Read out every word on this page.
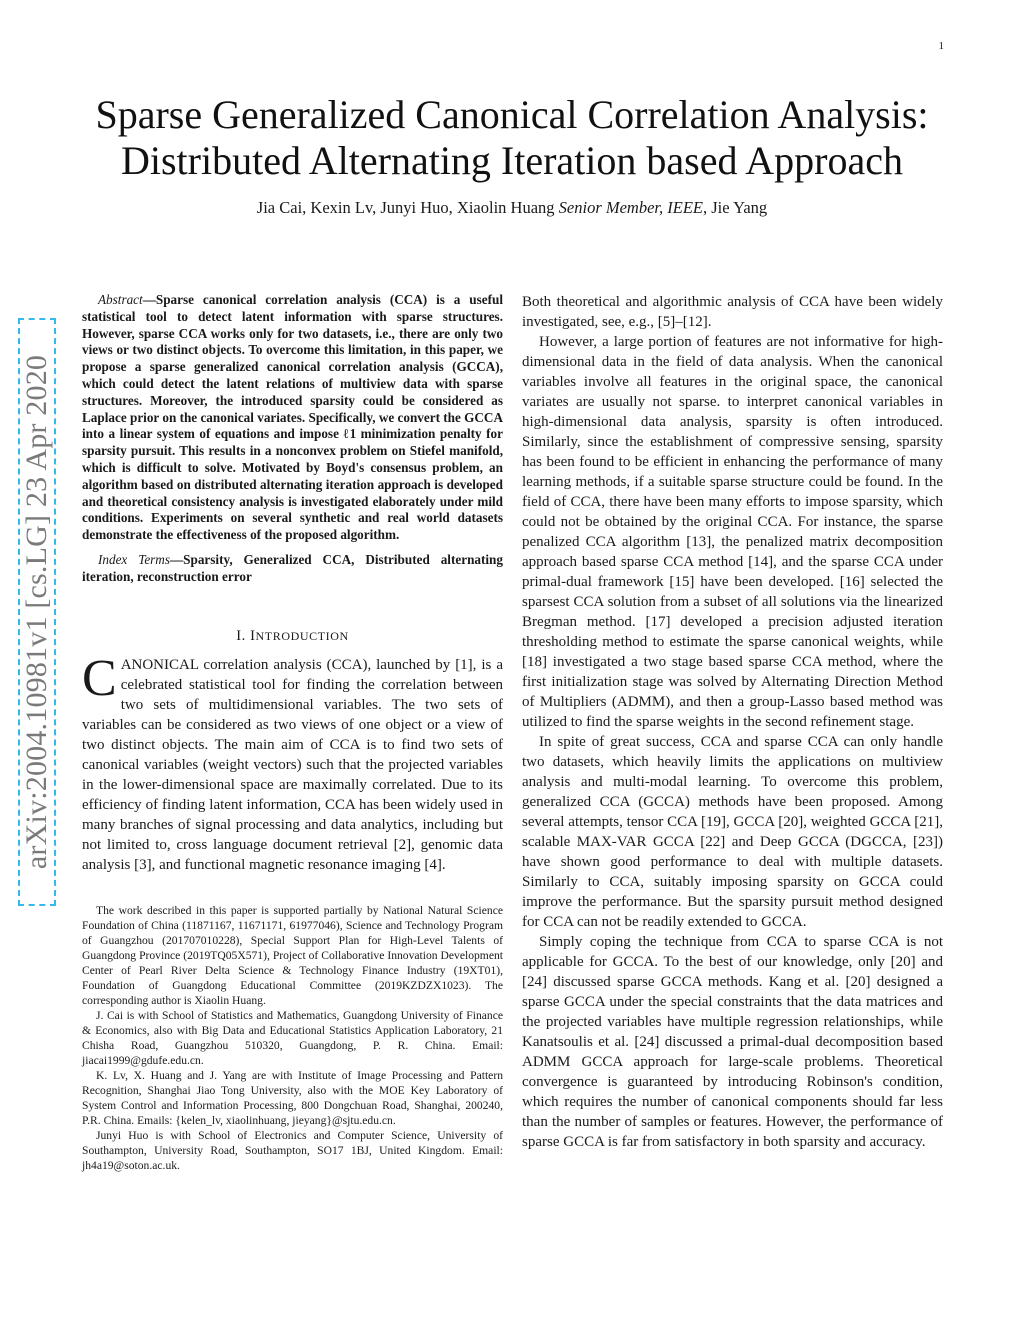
1
arXiv:2004.10981v1 [cs.LG] 23 Apr 2020
Sparse Generalized Canonical Correlation Analysis:
Distributed Alternating Iteration based Approach
Jia Cai, Kexin Lv, Junyi Huo, Xiaolin Huang Senior Member, IEEE, Jie Yang

Abstract—Sparse canonical correlation analysis (CCA) is a useful statistical tool to detect latent information with sparse structures. However, sparse CCA works only for two datasets, i.e., there are only two views or two distinct objects. To overcome this limitation, in this paper, we propose a sparse generalized canonical correlation analysis (GCCA), which could detect the latent relations of multiview data with sparse structures. Moreover, the introduced sparsity could be considered as Laplace prior on the canonical variates. Specifically, we convert the GCCA into a linear system of equations and impose ℓ1 minimization penalty for sparsity pursuit. This results in a nonconvex problem on Stiefel manifold, which is difficult to solve. Motivated by Boyd's consensus problem, an algorithm based on distributed alternating iteration approach is developed and theoretical consistency analysis is investigated elaborately under mild conditions. Experiments on several synthetic and real world datasets demonstrate the effectiveness of the proposed algorithm.

Index Terms—Sparsity, Generalized CCA, Distributed alternating iteration, reconstruction error

I. INTRODUCTION

CANONICAL correlation analysis (CCA), launched by [1], is a celebrated statistical tool for finding the correlation between two sets of multidimensional variables. The two sets of variables can be considered as two views of one object or a view of two distinct objects. The main aim of CCA is to find two sets of canonical variables (weight vectors) such that the projected variables in the lower-dimensional space are maximally correlated. Due to its efficiency of finding latent information, CCA has been widely used in many branches of signal processing and data analytics, including but not limited to, cross language document retrieval [2], genomic data analysis [3], and functional magnetic resonance imaging [4].

The work described in this paper is supported partially by National Natural Science Foundation of China (11871167, 11671171, 61977046), Science and Technology Program of Guangzhou (201707010228), Special Support Plan for High-Level Talents of Guangdong Province (2019TQ05X571), Project of Collaborative Innovation Development Center of Pearl River Delta Science & Technology Finance Industry (19XT01), Foundation of Guangdong Educational Committee (2019KZDZX1023). The corresponding author is Xiaolin Huang.

J. Cai is with School of Statistics and Mathematics, Guangdong University of Finance & Economics, also with Big Data and Educational Statistics Application Laboratory, 21 Chisha Road, Guangzhou 510320, Guangdong, P. R. China. Email: jiacai1999@gdufe.edu.cn.

K. Lv, X. Huang and J. Yang are with Institute of Image Processing and Pattern Recognition, Shanghai Jiao Tong University, also with the MOE Key Laboratory of System Control and Information Processing, 800 Dongchuan Road, Shanghai, 200240, P.R. China. Emails: {kelen_lv, xiaolinhuang, jieyang}@sjtu.edu.cn.

Junyi Huo is with School of Electronics and Computer Science, University of Southampton, University Road, Southampton, SO17 1BJ, United Kingdom. Email: jh4a19@soton.ac.uk.

Both theoretical and algorithmic analysis of CCA have been widely investigated, see, e.g., [5]–[12].

However, a large portion of features are not informative for high-dimensional data in the field of data analysis. When the canonical variables involve all features in the original space, the canonical variates are usually not sparse. to interpret canonical variables in high-dimensional data analysis, sparsity is often introduced. Similarly, since the establishment of compressive sensing, sparsity has been found to be efficient in enhancing the performance of many learning methods, if a suitable sparse structure could be found. In the field of CCA, there have been many efforts to impose sparsity, which could not be obtained by the original CCA. For instance, the sparse penalized CCA algorithm [13], the penalized matrix decomposition approach based sparse CCA method [14], and the sparse CCA under primal-dual framework [15] have been developed. [16] selected the sparsest CCA solution from a subset of all solutions via the linearized Bregman method. [17] developed a precision adjusted iteration thresholding method to estimate the sparse canonical weights, while [18] investigated a two stage based sparse CCA method, where the first initialization stage was solved by Alternating Direction Method of Multipliers (ADMM), and then a group-Lasso based method was utilized to find the sparse weights in the second refinement stage.

In spite of great success, CCA and sparse CCA can only handle two datasets, which heavily limits the applications on multiview analysis and multi-modal learning. To overcome this problem, generalized CCA (GCCA) methods have been proposed. Among several attempts, tensor CCA [19], GCCA [20], weighted GCCA [21], scalable MAX-VAR GCCA [22] and Deep GCCA (DGCCA, [23]) have shown good performance to deal with multiple datasets. Similarly to CCA, suitably imposing sparsity on GCCA could improve the performance. But the sparsity pursuit method designed for CCA can not be readily extended to GCCA.

Simply coping the technique from CCA to sparse CCA is not applicable for GCCA. To the best of our knowledge, only [20] and [24] discussed sparse GCCA methods. Kang et al. [20] designed a sparse GCCA under the special constraints that the data matrices and the projected variables have multiple regression relationships, while Kanatsoulis et al. [24] discussed a primal-dual decomposition based ADMM GCCA approach for large-scale problems. Theoretical convergence is guaranteed by introducing Robinson's condition, which requires the number of canonical components should far less than the number of samples or features. However, the performance of sparse GCCA is far from satisfactory in both sparsity and accuracy.
